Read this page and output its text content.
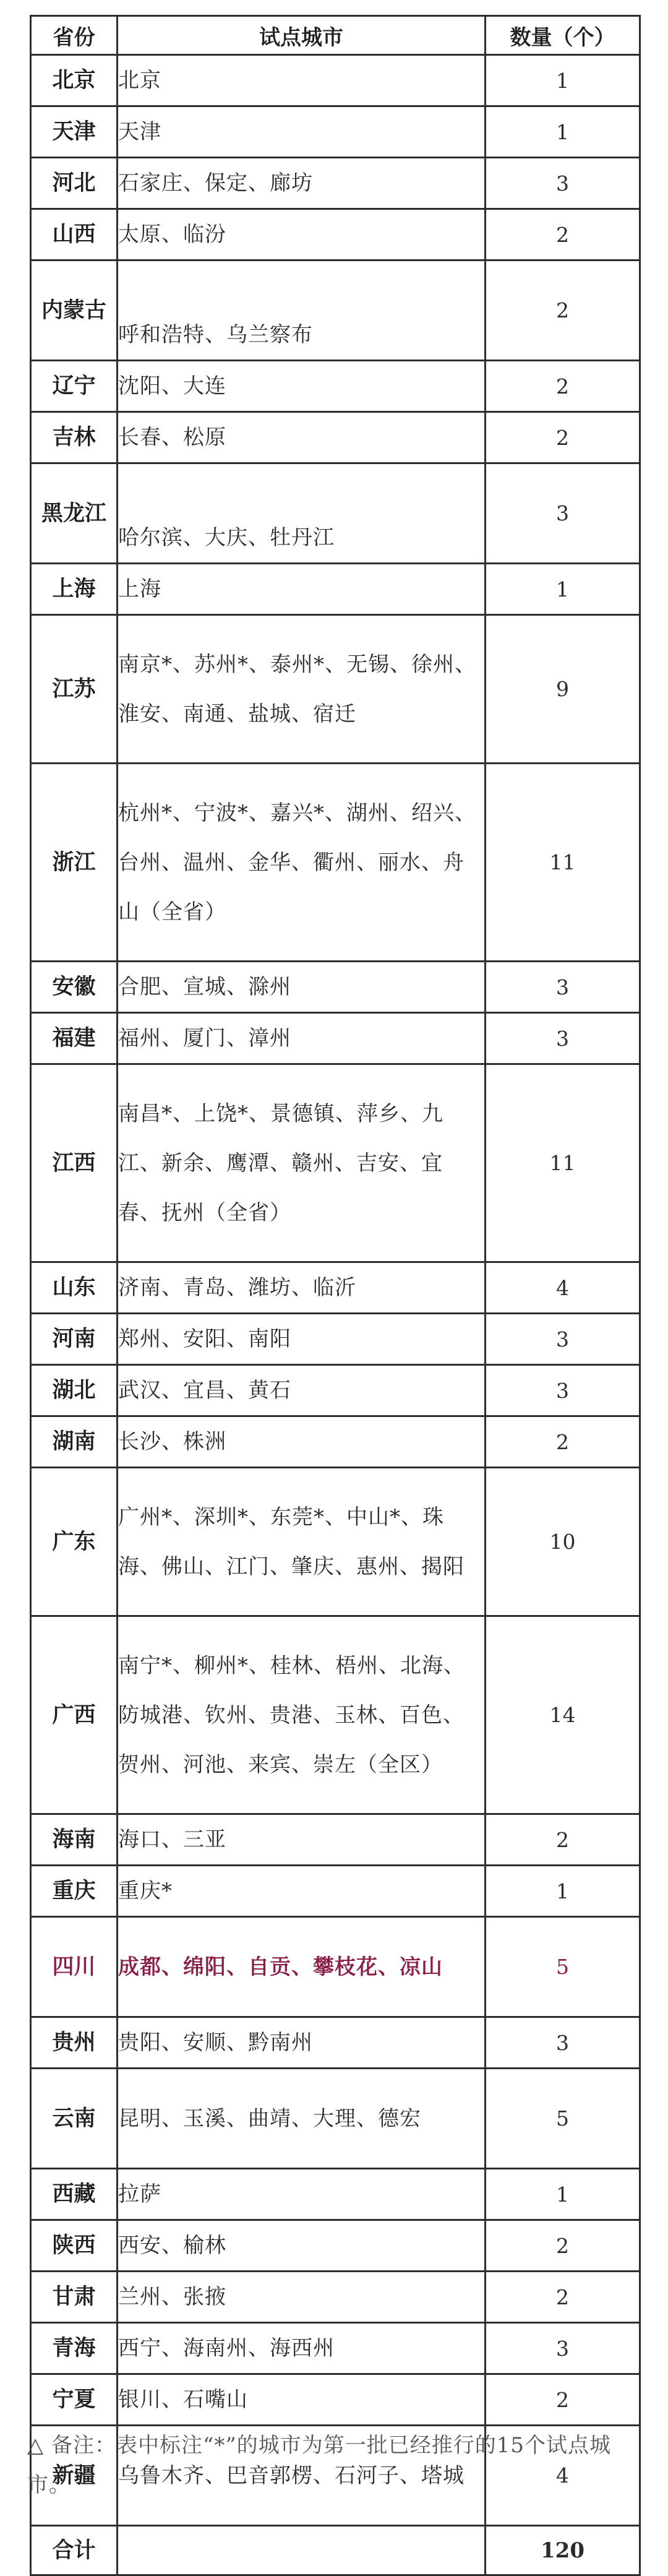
省份	试点城市	数量（个）
北京	北京	1
天津	天津	1
河北	石家庄、保定、廊坊	3
山西	太原、临汾	2
内蒙古	呼和浩特、乌兰察布	2
辽宁	沈阳、大连	2
吉林	长春、松原	2
黑龙江	哈尔滨、大庆、牡丹江	3
上海	上海	1
江苏	南京*、苏州*、泰州*、无锡、徐州、淮安、南通、盐城、宿迁	9
浙江	杭州*、宁波*、嘉兴*、湖州、绍兴、台州、温州、金华、衢州、丽水、舟山（全省）	11
安徽	合肥、宣城、滁州	3
福建	福州、厦门、漳州	3
江西	南昌*、上饶*、景德镇、萍乡、九江、新余、鹰潭、赣州、吉安、宜春、抚州（全省）	11
山东	济南、青岛、潍坊、临沂	4
河南	郑州、安阳、南阳	3
湖北	武汉、宜昌、黄石	3
湖南	长沙、株洲	2
广东	广州*、深圳*、东莞*、中山*、珠海、佛山、江门、肇庆、惠州、揭阳	10
广西	南宁*、柳州*、桂林、梧州、北海、防城港、钦州、贵港、玉林、百色、贺州、河池、来宾、崇左（全区）	14
海南	海口、三亚	2
重庆	重庆*	1
四川	成都、绵阳、自贡、攀枝花、凉山	5
贵州	贵阳、安顺、黔南州	3
云南	昆明、玉溪、曲靖、大理、德宏	5
西藏	拉萨	1
陕西	西安、榆林	2
甘肃	兰州、张掖	2
青海	西宁、海南州、海西州	3
宁夏	银川、石嘴山	2
新疆	乌鲁木齐、巴音郭楞、石河子、塔城	4
合计		120
△ 备注：表中标注“*”的城市为第一批已经推行的15个试点城市。
